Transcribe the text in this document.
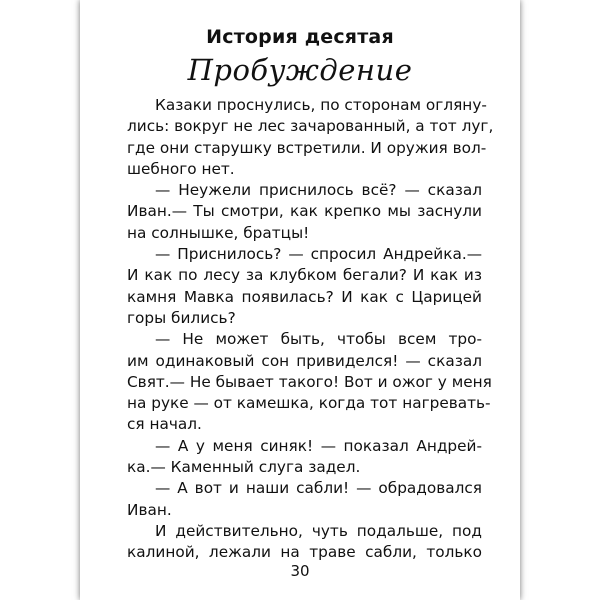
История десятая
Пробуждение
Казаки проснулись, по сторонам огляну-
лись: вокруг не лес зачарованный, а тот луг,
где они старушку встретили. И оружия вол-
шебного нет.
— Неужели приснилось всё? — сказал
Иван.— Ты смотри, как крепко мы заснули
на солнышке, братцы!
— Приснилось? — спросил Андрейка.—
И как по лесу за клубком бегали? И как из
камня Мавка появилась? И как с Царицей
горы бились?
— Не может быть, чтобы всем тро-
им одинаковый сон привиделся! — сказал
Свят.— Не бывает такого! Вот и ожог у меня
на руке — от камешка, когда тот нагревать-
ся начал.
— А у меня синяк! — показал Андрей-
ка.— Каменный слуга задел.
— А вот и наши сабли! — обрадовался
Иван.
И действительно, чуть подальше, под
калиной, лежали на траве сабли, только
30
